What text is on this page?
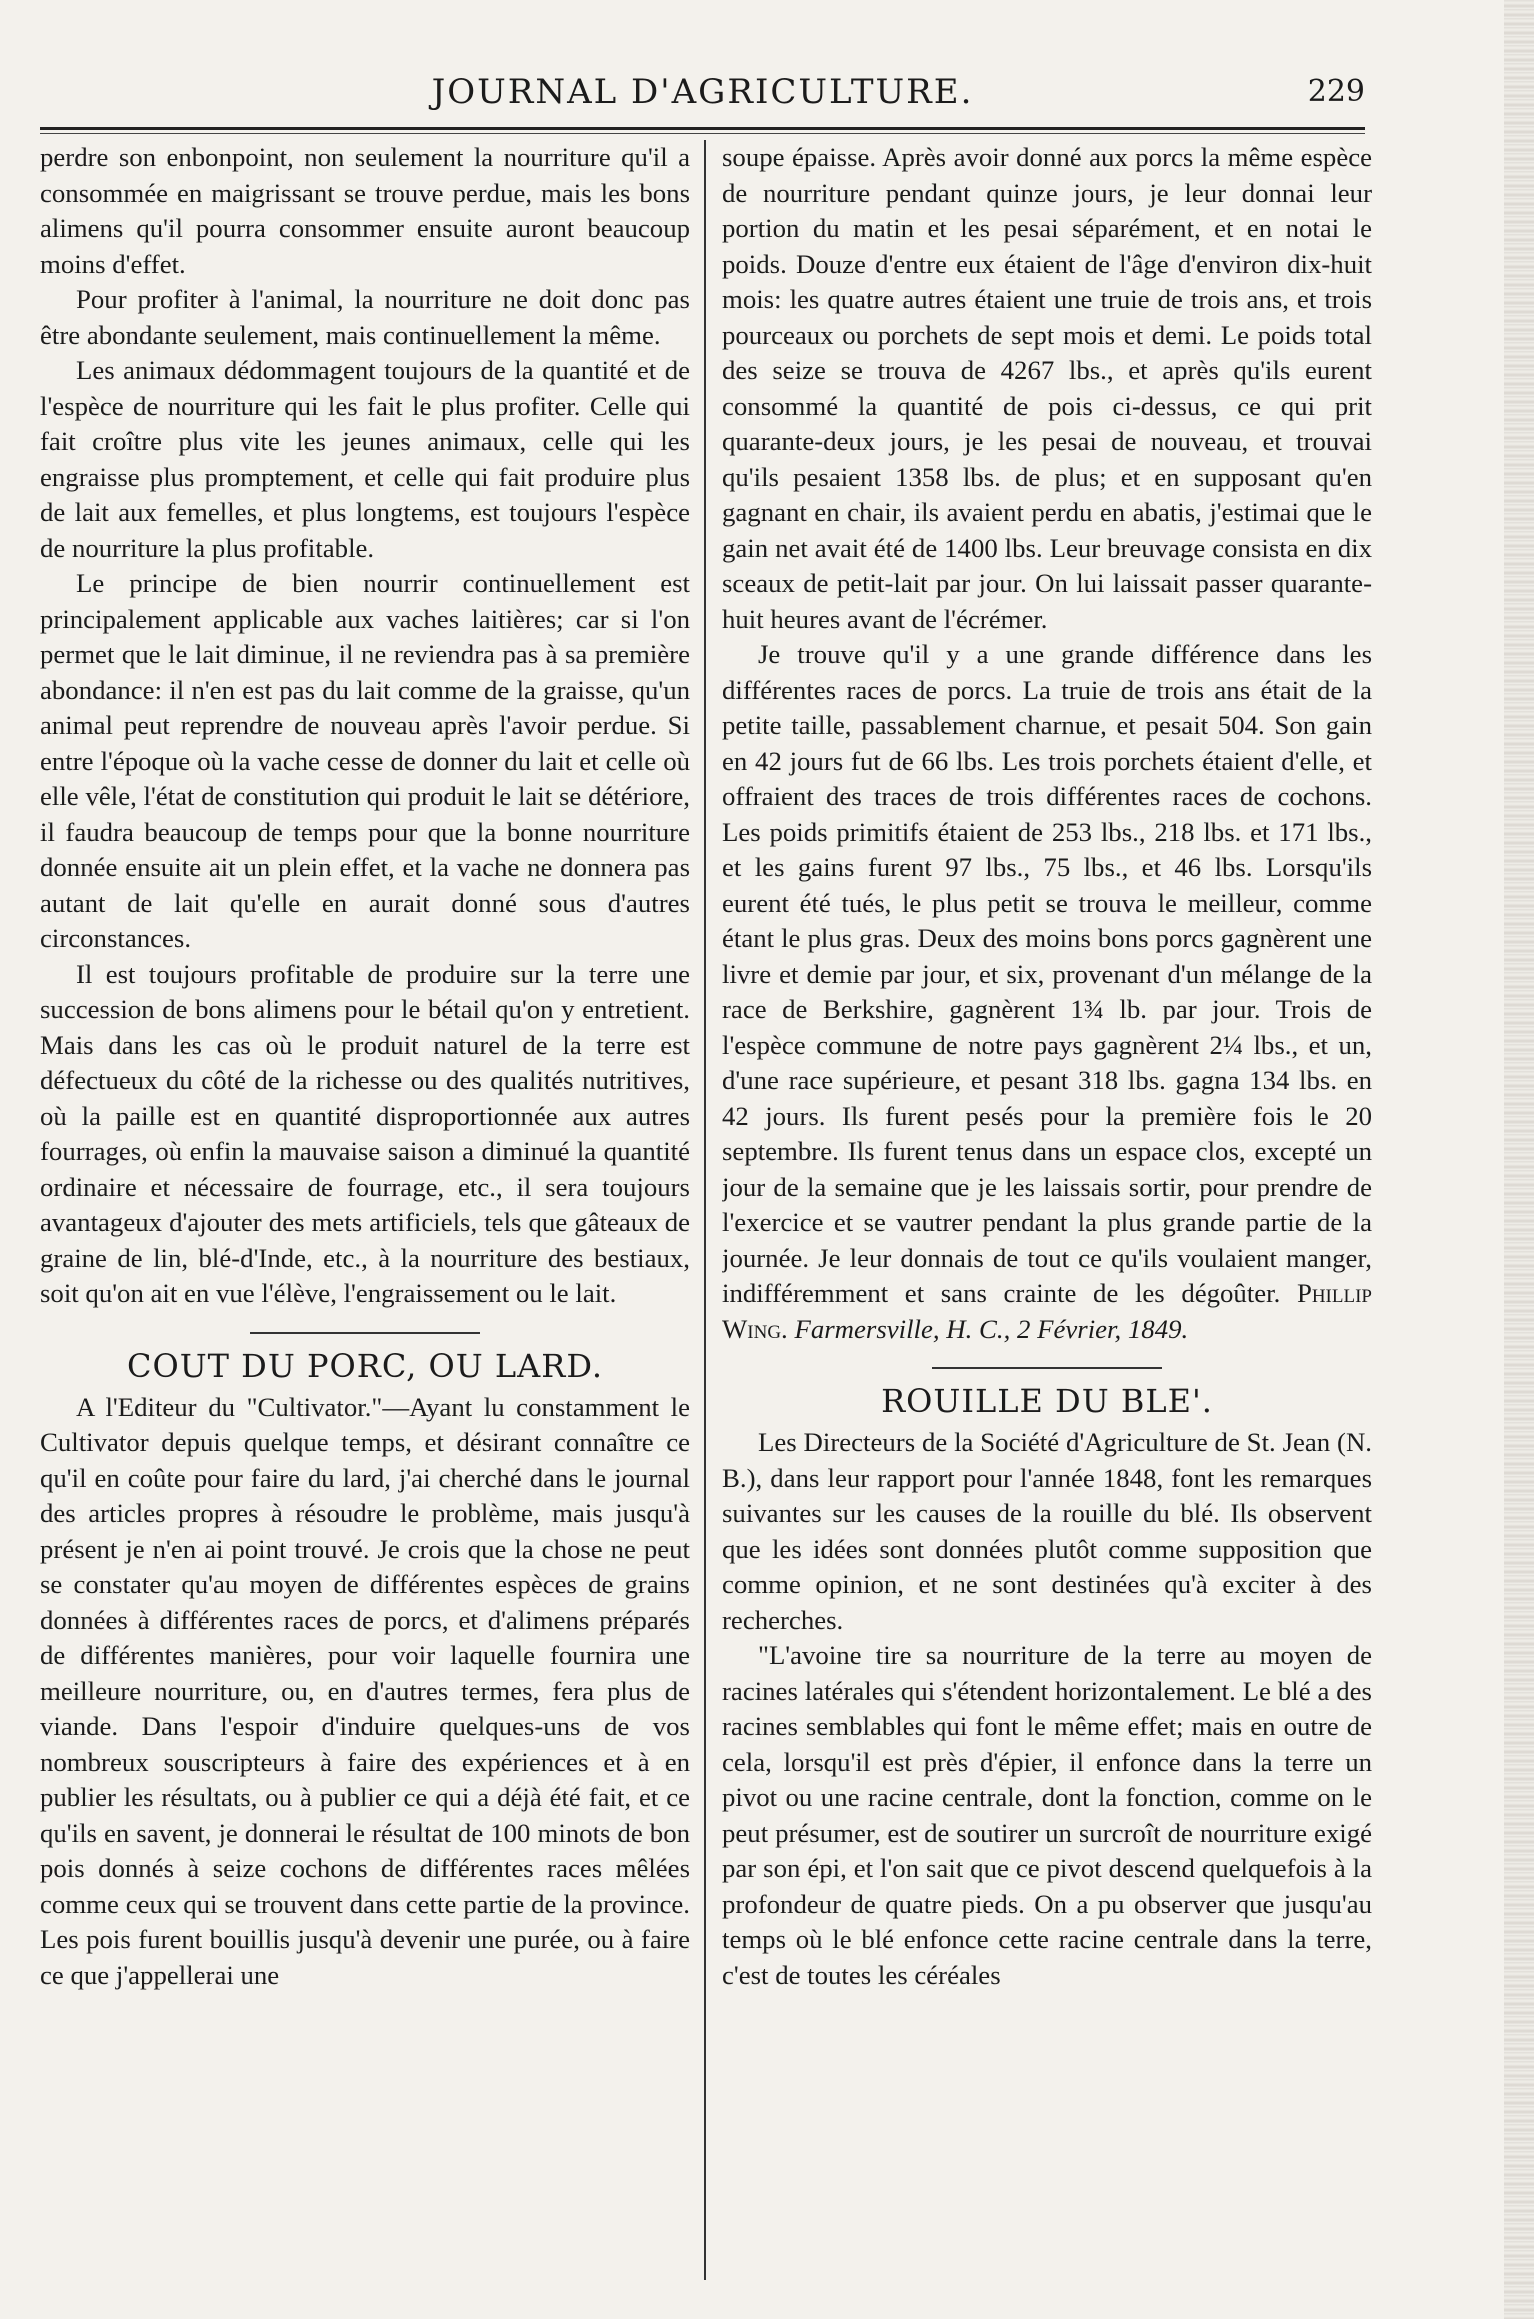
JOURNAL D'AGRICULTURE.	229

perdre son enbonpoint, non seulement la nourriture qu'il a consommée en maigrissant se trouve perdue, mais les bons alimens qu'il pourra consommer ensuite auront beaucoup moins d'effet.

Pour profiter à l'animal, la nourriture ne doit donc pas être abondante seulement, mais continuellement la même.

Les animaux dédommagent toujours de la quantité et de l'espèce de nourriture qui les fait le plus profiter. Celle qui fait croître plus vite les jeunes animaux, celle qui les engraisse plus promptement, et celle qui fait produire plus de lait aux femelles, et plus longtems, est toujours l'espèce de nourriture la plus profitable.

Le principe de bien nourrir continuellement est principalement applicable aux vaches laitières; car si l'on permet que le lait diminue, il ne reviendra pas à sa première abondance: il n'en est pas du lait comme de la graisse, qu'un animal peut reprendre de nouveau après l'avoir perdue. Si entre l'époque où la vache cesse de donner du lait et celle où elle vêle, l'état de constitution qui produit le lait se détériore, il faudra beaucoup de temps pour que la bonne nourriture donnée ensuite ait un plein effet, et la vache ne donnera pas autant de lait qu'elle en aurait donné sous d'autres circonstances.

Il est toujours profitable de produire sur la terre une succession de bons alimens pour le bétail qu'on y entretient. Mais dans les cas où le produit naturel de la terre est défectueux du côté de la richesse ou des qualités nutritives, où la paille est en quantité disproportionnée aux autres fourrages, où enfin la mauvaise saison a diminué la quantité ordinaire et nécessaire de fourrage, etc., il sera toujours avantageux d'ajouter des mets artificiels, tels que gâteaux de graine de lin, blé-d'Inde, etc., à la nourriture des bestiaux, soit qu'on ait en vue l'élève, l'engraissement ou le lait.

COUT DU PORC, OU LARD.

A l'Editeur du "Cultivator."—Ayant lu constamment le Cultivator depuis quelque temps, et désirant connaître ce qu'il en coûte pour faire du lard, j'ai cherché dans le journal des articles propres à résoudre le problème, mais jusqu'à présent je n'en ai point trouvé. Je crois que la chose ne peut se constater qu'au moyen de différentes espèces de grains données à différentes races de porcs, et d'alimens préparés de différentes manières, pour voir laquelle fournira une meilleure nourriture, ou, en d'autres termes, fera plus de viande. Dans l'espoir d'induire quelques-uns de vos nombreux souscripteurs à faire des expériences et à en publier les résultats, ou à publier ce qui a déjà été fait, et ce qu'ils en savent, je donnerai le résultat de 100 minots de bon pois donnés à seize cochons de différentes races mêlées comme ceux qui se trouvent dans cette partie de la province. Les pois furent bouillis jusqu'à devenir une purée, ou à faire ce que j'appellerai une

soupe épaisse. Après avoir donné aux porcs la même espèce de nourriture pendant quinze jours, je leur donnai leur portion du matin et les pesai séparément, et en notai le poids. Douze d'entre eux étaient de l'âge d'environ dix-huit mois: les quatre autres étaient une truie de trois ans, et trois pourceaux ou porchets de sept mois et demi. Le poids total des seize se trouva de 4267 lbs., et après qu'ils eurent consommé la quantité de pois ci-dessus, ce qui prit quarante-deux jours, je les pesai de nouveau, et trouvai qu'ils pesaient 1358 lbs. de plus; et en supposant qu'en gagnant en chair, ils avaient perdu en abatis, j'estimai que le gain net avait été de 1400 lbs. Leur breuvage consista en dix sceaux de petit-lait par jour. On lui laissait passer quarante-huit heures avant de l'écrémer.

Je trouve qu'il y a une grande différence dans les différentes races de porcs. La truie de trois ans était de la petite taille, passablement charnue, et pesait 504. Son gain en 42 jours fut de 66 lbs. Les trois porchets étaient d'elle, et offraient des traces de trois différentes races de cochons. Les poids primitifs étaient de 253 lbs., 218 lbs. et 171 lbs., et les gains furent 97 lbs., 75 lbs., et 46 lbs. Lorsqu'ils eurent été tués, le plus petit se trouva le meilleur, comme étant le plus gras. Deux des moins bons porcs gagnèrent une livre et demie par jour, et six, provenant d'un mélange de la race de Berkshire, gagnèrent 1¾ lb. par jour. Trois de l'espèce commune de notre pays gagnèrent 2¼ lbs., et un, d'une race supérieure, et pesant 318 lbs. gagna 134 lbs. en 42 jours. Ils furent pesés pour la première fois le 20 septembre. Ils furent tenus dans un espace clos, excepté un jour de la semaine que je les laissais sortir, pour prendre de l'exercice et se vautrer pendant la plus grande partie de la journée. Je leur donnais de tout ce qu'ils voulaient manger, indifféremment et sans crainte de les dégoûter. Phillip Wing. Farmersville, H. C., 2 Février, 1849.

ROUILLE DU BLE'.

Les Directeurs de la Société d'Agriculture de St. Jean (N. B.), dans leur rapport pour l'année 1848, font les remarques suivantes sur les causes de la rouille du blé. Ils observent que les idées sont données plutôt comme supposition que comme opinion, et ne sont destinées qu'à exciter à des recherches.

"L'avoine tire sa nourriture de la terre au moyen de racines latérales qui s'étendent horizontalement. Le blé a des racines semblables qui font le même effet; mais en outre de cela, lorsqu'il est près d'épier, il enfonce dans la terre un pivot ou une racine centrale, dont la fonction, comme on le peut présumer, est de soutirer un surcroît de nourriture exigé par son épi, et l'on sait que ce pivot descend quelquefois à la profondeur de quatre pieds. On a pu observer que jusqu'au temps où le blé enfonce cette racine centrale dans la terre, c'est de toutes les céréales
